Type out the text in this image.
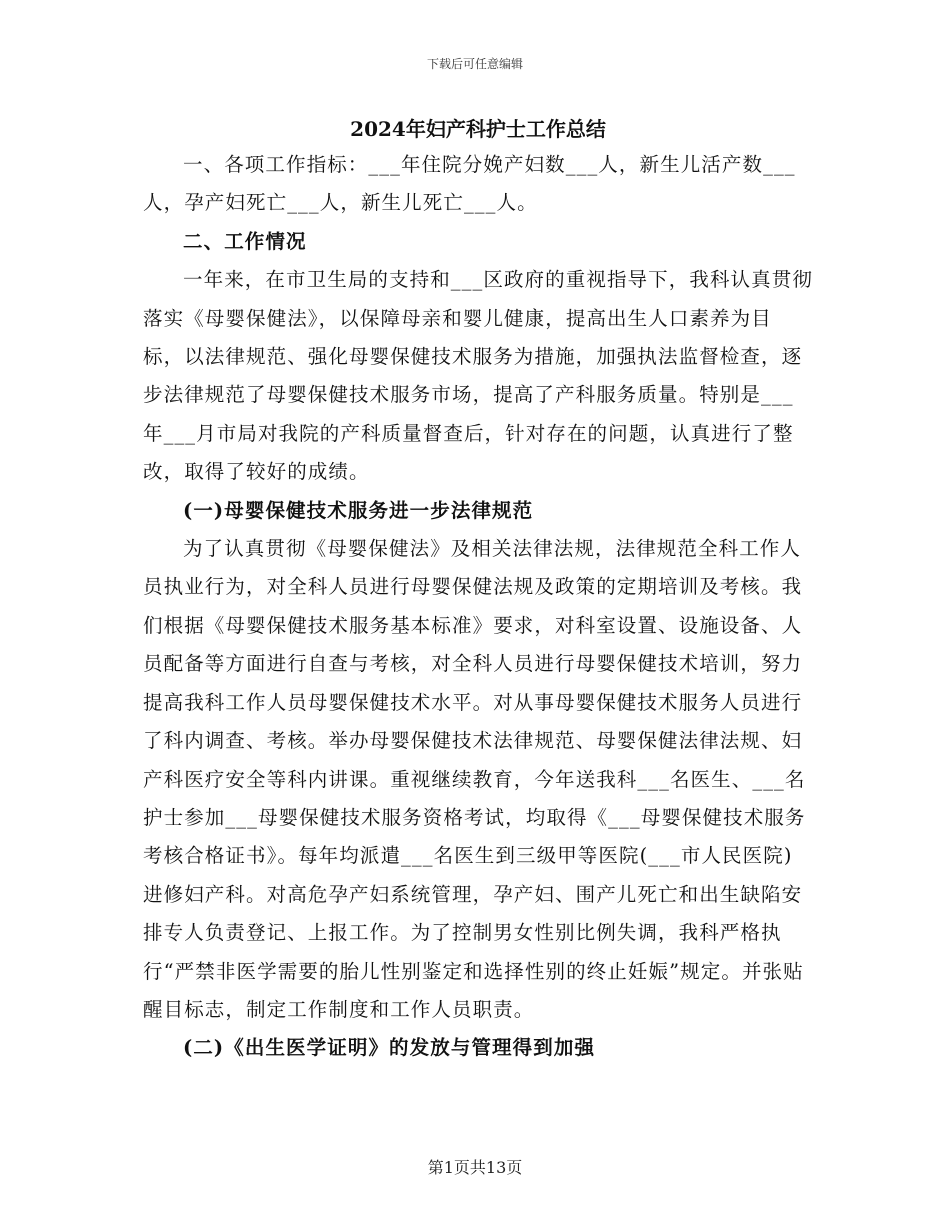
下载后可任意编辑
2024年妇产科护士工作总结

一、各项工作指标：___年住院分娩产妇数___人，新生儿活产数___人，孕产妇死亡___人，新生儿死亡___人。

二、工作情况

一年来，在市卫生局的支持和___区政府的重视指导下，我科认真贯彻落实《母婴保健法》，以保障母亲和婴儿健康，提高出生人口素养为目标，以法律规范、强化母婴保健技术服务为措施，加强执法监督检查，逐步法律规范了母婴保健技术服务市场，提高了产科服务质量。特别是___年___月市局对我院的产科质量督查后，针对存在的问题，认真进行了整改，取得了较好的成绩。

(一)母婴保健技术服务进一步法律规范

为了认真贯彻《母婴保健法》及相关法律法规，法律规范全科工作人员执业行为，对全科人员进行母婴保健法规及政策的定期培训及考核。我们根据《母婴保健技术服务基本标准》要求，对科室设置、设施设备、人员配备等方面进行自查与考核，对全科人员进行母婴保健技术培训，努力提高我科工作人员母婴保健技术水平。对从事母婴保健技术服务人员进行了科内调查、考核。举办母婴保健技术法律规范、母婴保健法律法规、妇产科医疗安全等科内讲课。重视继续教育，今年送我科___名医生、___名护士参加___母婴保健技术服务资格考试，均取得《___母婴保健技术服务考核合格证书》。每年均派遣___名医生到三级甲等医院(___市人民医院)进修妇产科。对高危孕产妇系统管理，孕产妇、围产儿死亡和出生缺陷安排专人负责登记、上报工作。为了控制男女性别比例失调，我科严格执行“严禁非医学需要的胎儿性别鉴定和选择性别的终止妊娠”规定。并张贴醒目标志，制定工作制度和工作人员职责。

(二)《出生医学证明》的发放与管理得到加强

第1页共13页
